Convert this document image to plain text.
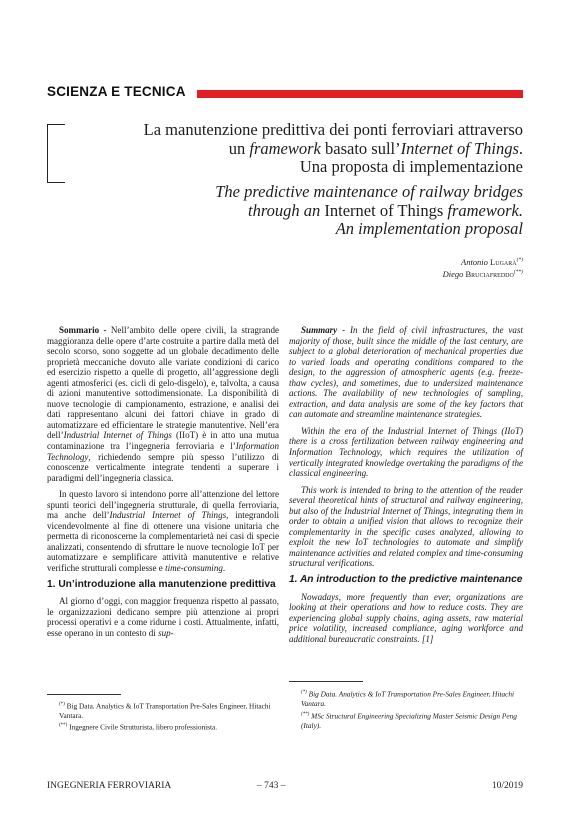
SCIENZA E TECNICA
La manutenzione predittiva dei ponti ferroviari attraverso
un framework basato sull’Internet of Things.
Una proposta di implementazione
The predictive maintenance of railway bridges
through an Internet of Things framework.
An implementation proposal
Antonio Lugarà(*)
Diego Bruciafreddo(**)

Sommario - Nell’ambito delle opere civili, la stragrande maggioranza delle opere d’arte costruite a partire dalla metà del secolo scorso, sono soggette ad un globale decadimento delle proprietà meccaniche dovuto alle variate condizioni di carico ed esercizio rispetto a quelle di progetto, all’aggressione degli agenti atmosferici (es. cicli di gelo-disgelo), e, talvolta, a causa di azioni manutentive sottodimensionate. La disponibilità di nuove tecnologie di campionamento, estrazione, e analisi dei dati rappresentano alcuni dei fattori chiave in grado di automatizzare ed efficientare le strategie manutentive. Nell’era dell’Industrial Internet of Things (IIoT) è in atto una mutua contaminazione tra l’ingegneria ferroviaria e l’Information Technology, richiedendo sempre più spesso l’utilizzo di conoscenze verticalmente integrate tendenti a superare i paradigmi dell’ingegneria classica.

In questo lavoro si intendono porre all’attenzione del lettore spunti teorici dell’ingegneria strutturale, di quella ferroviaria, ma anche dell’Industrial Internet of Things, integrandoli vicendevolmente al fine di ottenere una visione unitaria che permetta di riconoscerne la complementarietà nei casi di specie analizzati, consentendo di sfruttare le nuove tecnologie IoT per automatizzare e semplificare attività manutentive e relative verifiche strutturali complesse e time-consuming.

1. Un’introduzione alla manutenzione predittiva

Al giorno d’oggi, con maggior frequenza rispetto al passato, le organizzazioni dedicano sempre più attenzione ai propri processi operativi e a come ridurne i costi. Attualmente, infatti, esse operano in un contesto di sup-

Summary - In the field of civil infrastructures, the vast majority of those, built since the middle of the last century, are subject to a global deterioration of mechanical properties due to varied loads and operating conditions compared to the design, to the aggression of atmospheric agents (e.g. freeze-thaw cycles), and sometimes, due to undersized maintenance actions. The availability of new technologies of sampling, extraction, and data analysis are some of the key factors that can automate and streamline maintenance strategies.

Within the era of the Industrial Internet of Things (IIoT) there is a cross fertilization between railway engineering and Information Technology, which requires the utilization of vertically integrated knowledge overtaking the paradigms of the classical engineering.

This work is intended to bring to the attention of the reader several theoretical hints of structural and railway engineering, but also of the Industrial Internet of Things, integrating them in order to obtain a unified vision that allows to recognize their complementarity in the specific cases analyzed, allowing to exploit the new IoT technologies to automate and simplify maintenance activities and related complex and time-consuming structural verifications.

1. An introduction to the predictive maintenance

Nowadays, more frequently than ever, organizations are looking at their operations and how to reduce costs. They are experiencing global supply chains, aging assets, raw material price volatility, increased compliance, aging workforce and additional bureaucratic constraints. [1]

(*) Big Data. Analytics & IoT Transportation Pre-Sales Engineer, Hitachi Vantara.
(**) Ingegnere Civile Strutturista, libero professionista.
(*) Big Data. Analytics & IoT Transportation Pre-Sales Engineer, Hitachi Vantara.
(**) MSc Structural Engineering Specializing Master Seismic Design Peng (Italy).
INGEGNERIA FERROVIARIA	– 743 –	10/2019
